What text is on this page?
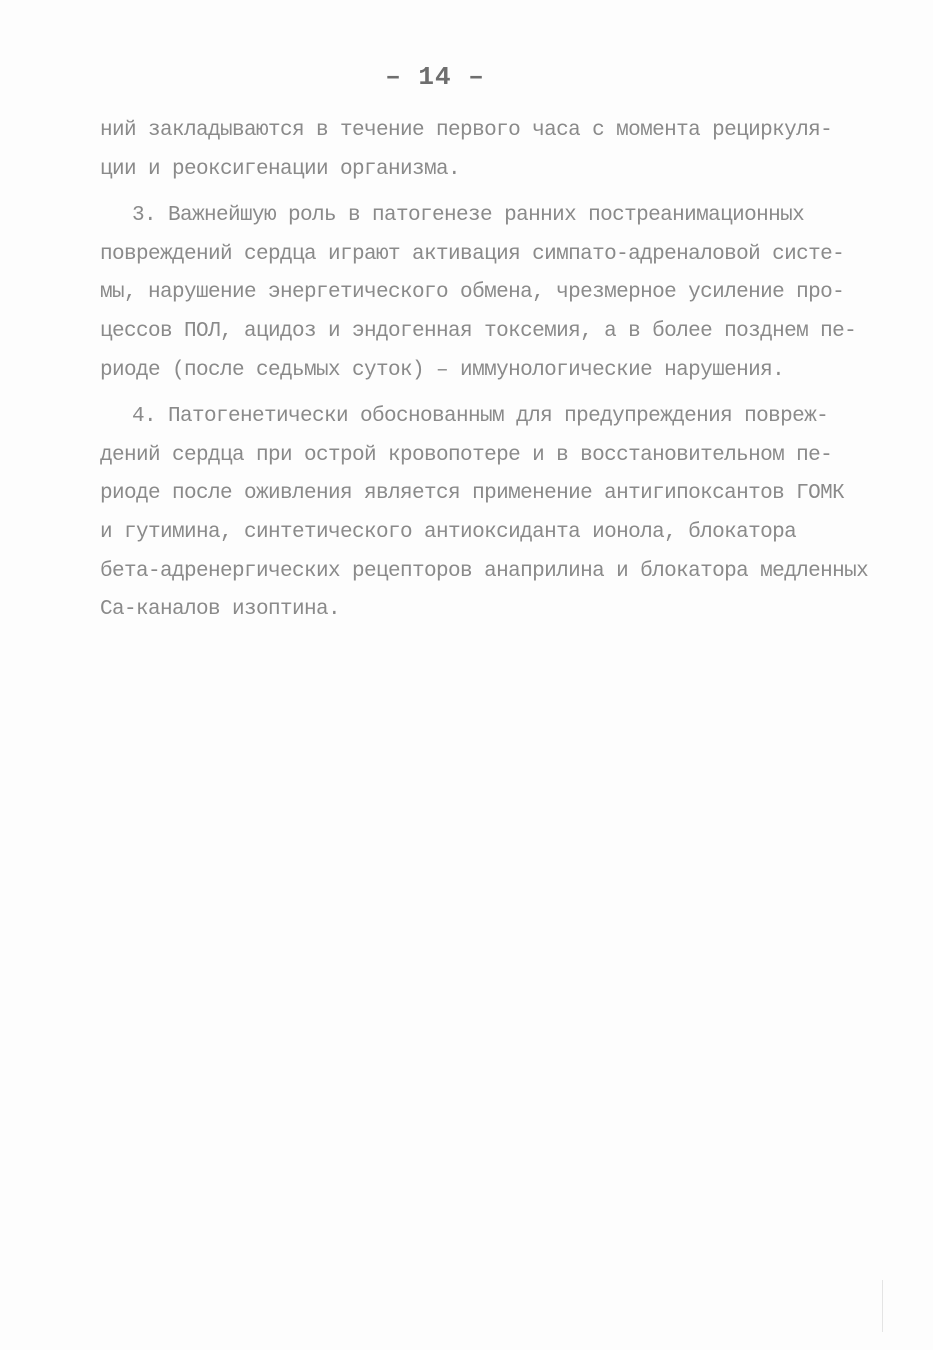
– 14 –
ний закладываются в течение первого часа с момента рециркуля-
ции и реоксигенации организма.
3. Важнейшую роль в патогенезе ранних постреанимационных
повреждений сердца играют активация симпато-адреналовой систе-
мы, нарушение энергетического обмена, чрезмерное усиление про-
цессов ПОЛ, ацидоз и эндогенная токсемия, а в более позднем пе-
риоде (после седьмых суток) – иммунологические нарушения.
4. Патогенетически обоснованным для предупреждения повреж-
дений сердца при острой кровопотере и в восстановительном пе-
риоде после оживления является применение антигипоксантов ГОМК
и гутимина, синтетического антиоксиданта ионола, блокатора
бета-адренергических рецепторов анаприлина и блокатора медленных
Са-каналов изоптина.
